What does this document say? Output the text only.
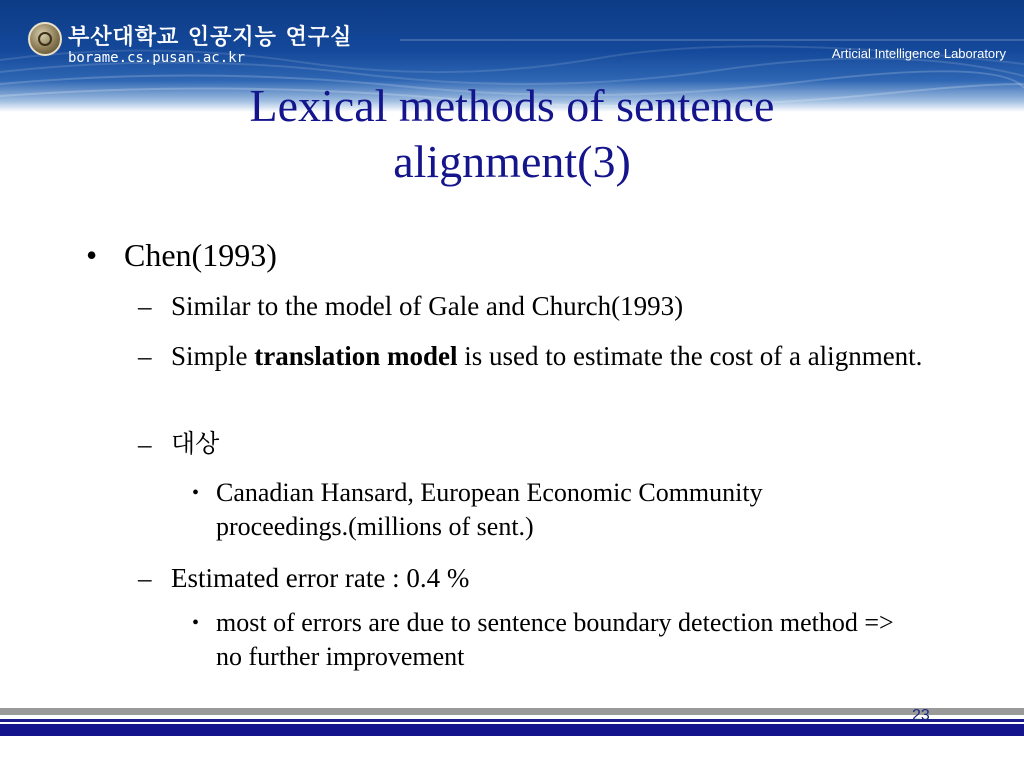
부산대학교 인공지능 연구실
borame.cs.pusan.ac.kr	Articial Intelligence Laboratory
Lexical methods of sentence
alignment(3)
• Chen(1993)
– Similar to the model of Gale and Church(1993)
– Simple translation model is used to estimate the cost of a alignment.
– 대상
• Canadian Hansard, European Economic Community proceedings.(millions of sent.)
– Estimated error rate : 0.4 %
• most of errors are due to sentence boundary detection method => no further improvement
23
